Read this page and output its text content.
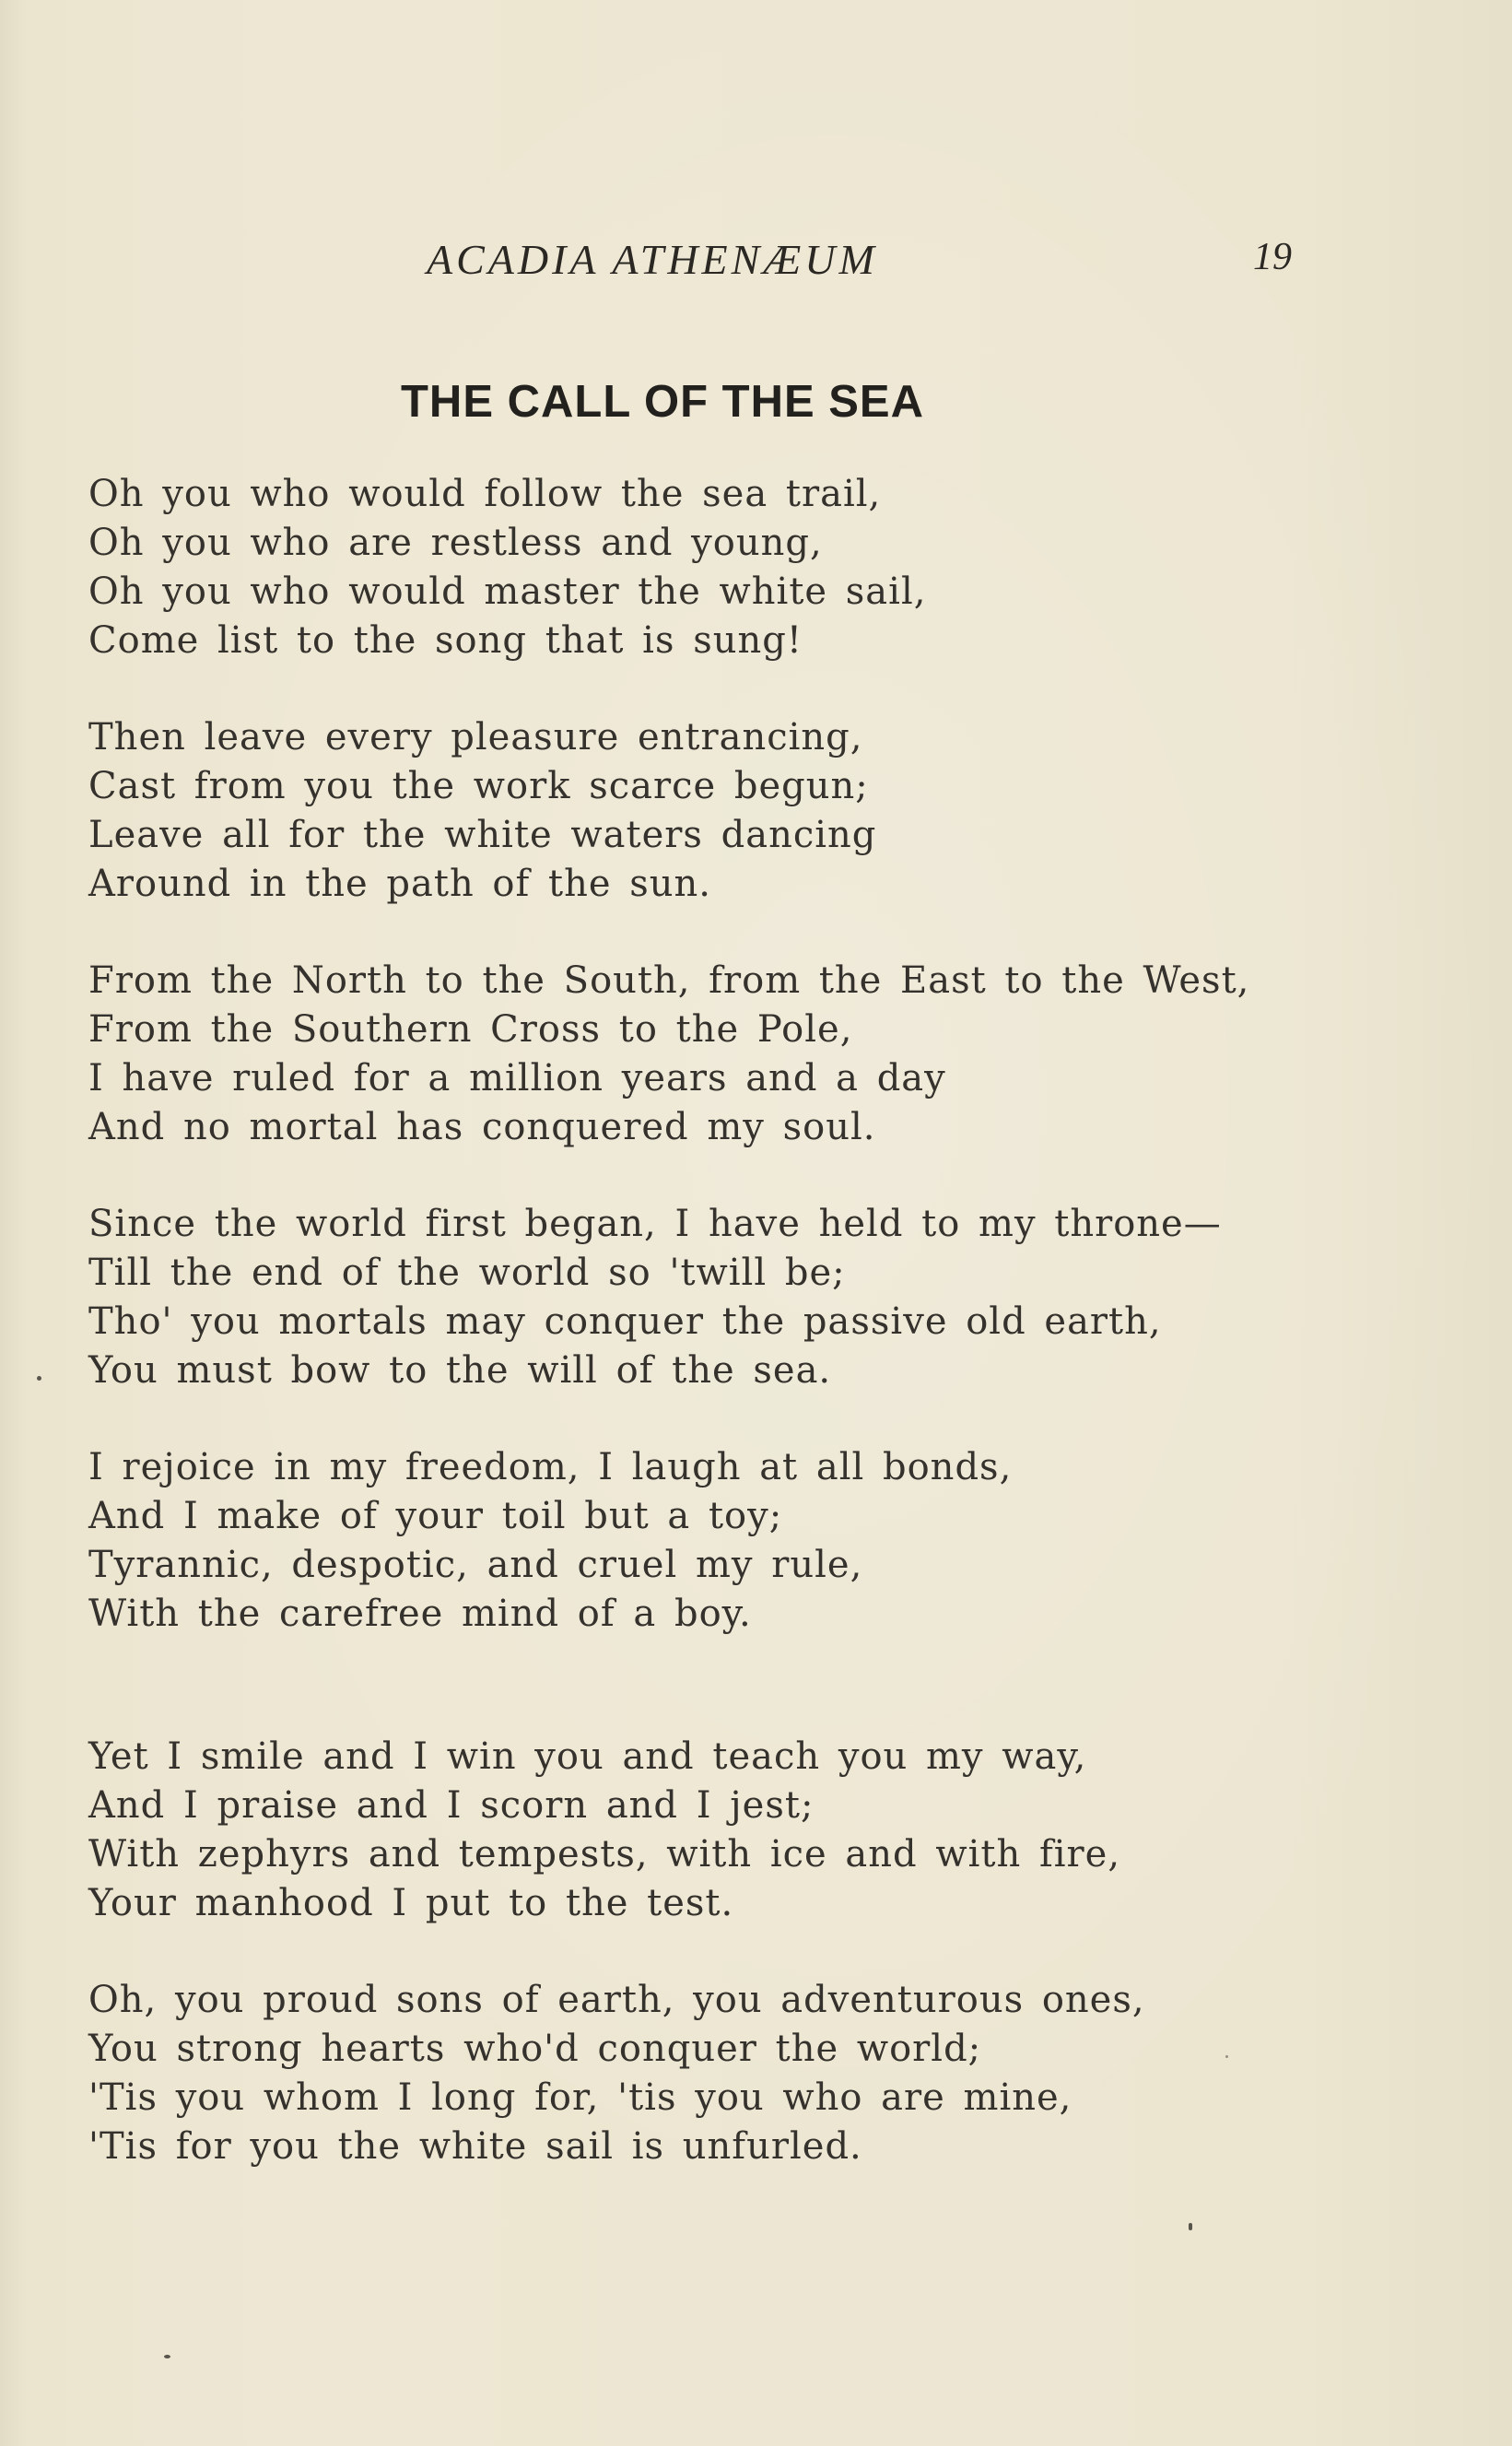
ACADIA ATHENÆUM	19
THE CALL OF THE SEA
Oh you who would follow the sea trail,
Oh you who are restless and young,
Oh you who would master the white sail,
Come list to the song that is sung!
Then leave every pleasure entrancing,
Cast from you the work scarce begun;
Leave all for the white waters dancing
Around in the path of the sun.
From the North to the South, from the East to the West,
From the Southern Cross to the Pole,
I have ruled for a million years and a day
And no mortal has conquered my soul.
Since the world first began, I have held to my throne—
Till the end of the world so 'twill be;
Tho' you mortals may conquer the passive old earth,
You must bow to the will of the sea.
I rejoice in my freedom, I laugh at all bonds,
And I make of your toil but a toy;
Tyrannic, despotic, and cruel my rule,
With the carefree mind of a boy.
Yet I smile and I win you and teach you my way,
And I praise and I scorn and I jest;
With zephyrs and tempests, with ice and with fire,
Your manhood I put to the test.
Oh, you proud sons of earth, you adventurous ones,
You strong hearts who'd conquer the world;
'Tis you whom I long for, 'tis you who are mine,
'Tis for you the white sail is unfurled.
